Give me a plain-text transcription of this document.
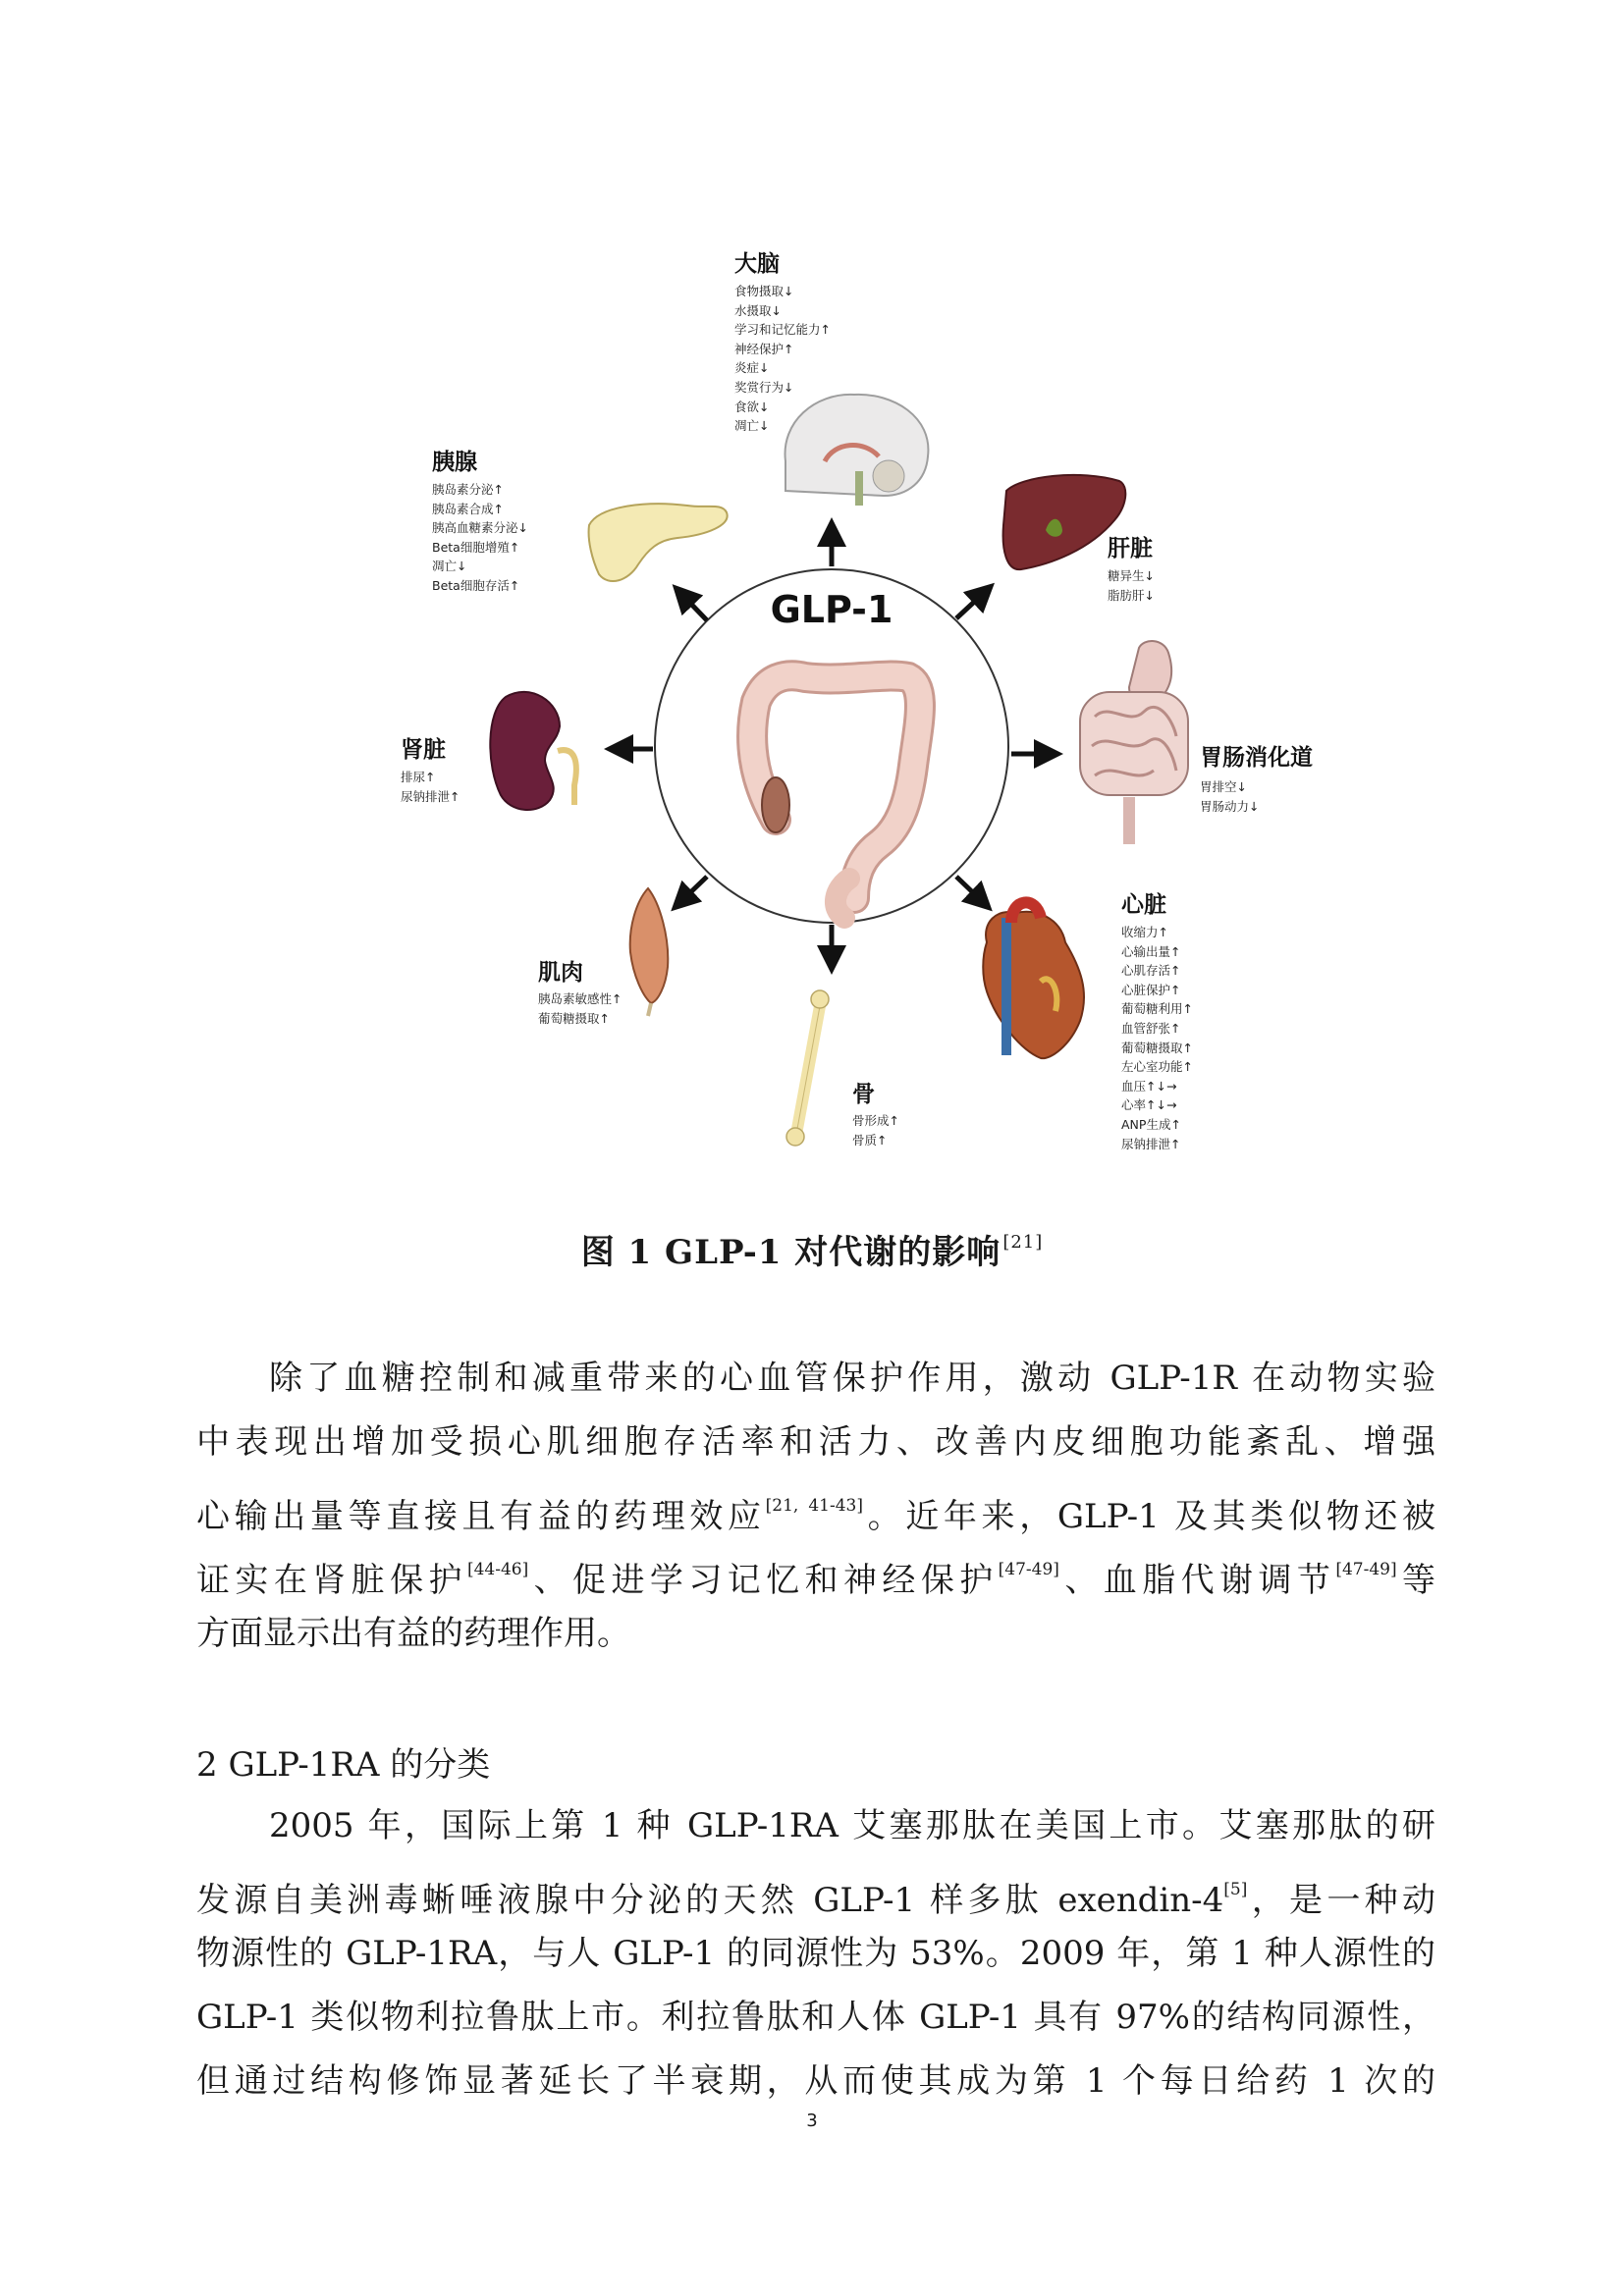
GLP-1
大脑
食物摄取↓
水摄取↓
学习和记忆能力↑
神经保护↑
炎症↓
奖赏行为↓
食欲↓
凋亡↓
胰腺
胰岛素分泌↑
胰岛素合成↑
胰高血糖素分泌↓
Beta细胞增殖↑
凋亡↓
Beta细胞存活↑
肝脏
糖异生↓
脂肪肝↓
肾脏
排尿↑
尿钠排泄↑
胃肠消化道
胃排空↓
胃肠动力↓
心脏
收缩力↑
心输出量↑
心肌存活↑
心脏保护↑
葡萄糖利用↑
血管舒张↑
葡萄糖摄取↑
左心室功能↑
血压↑↓→
心率↑↓→
ANP生成↑
尿钠排泄↑
肌肉
胰岛素敏感性↑
葡萄糖摄取↑
骨
骨形成↑
骨质↑
图 1 GLP-1 对代谢的影响 [21]
除了血糖控制和减重带来的心血管保护作用，激动 GLP-1R 在动物实验
中表现出增加受损心肌细胞存活率和活力、改善内皮细胞功能紊乱、增强
心输出量等直接且有益的药理效应[21, 41-43]。近年来，GLP-1 及其类似物还被
证实在肾脏保护[44-46]、促进学习记忆和神经保护[47-49]、血脂代谢调节[47-49]等
方面显示出有益的药理作用。
2 GLP-1RA 的分类
2005 年，国际上第 1 种 GLP-1RA 艾塞那肽在美国上市。艾塞那肽的研
发源自美洲毒蜥唾液腺中分泌的天然 GLP-1 样多肽 exendin-4[5]，是一种动
物源性的 GLP-1RA，与人 GLP-1 的同源性为 53%。2009 年，第 1 种人源性的
GLP-1 类似物利拉鲁肽上市。利拉鲁肽和人体 GLP-1 具有 97%的结构同源性，
但通过结构修饰显著延长了半衰期，从而使其成为第 1 个每日给药 1 次的
3
